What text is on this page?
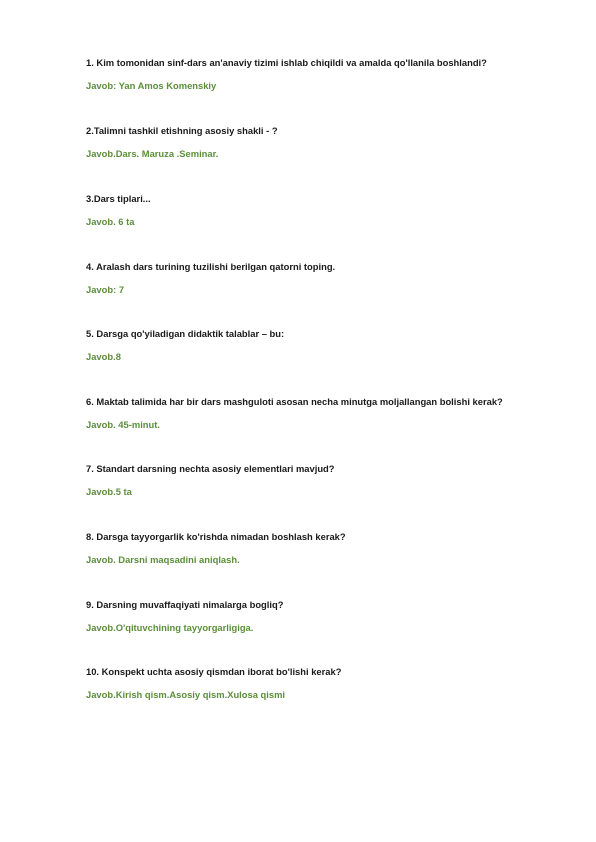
1. Kim tomonidan sinf-dars an'anaviy tizimi ishlab chiqildi va amalda qo'llanila boshlandi?
Javob: Yan Amos Komenskiy
2.Talimni tashkil etishning asosiy shakli - ?
Javob.Dars. Maruza .Seminar.
3.Dars tiplari...
Javob. 6 ta
4. Aralash dars turining tuzilishi berilgan qatorni toping.
Javob: 7
5. Darsga qo'yiladigan didaktik talablar – bu:
Javob.8
6. Maktab talimida har bir dars mashguloti asosan necha minutga moljallangan bolishi kerak?
Javob. 45-minut.
7. Standart darsning nechta asosiy elementlari mavjud?
Javob.5 ta
8. Darsga tayyorgarlik ko'rishda nimadan boshlash kerak?
Javob. Darsni maqsadini aniqlash.
9. Darsning muvaffaqiyati nimalarga bogliq?
Javob.O'qituvchining tayyorgarligiga.
10. Konspekt uchta asosiy qismdan iborat bo'lishi kerak?
Javob.Kirish qism.Asosiy qism.Xulosa qismi
